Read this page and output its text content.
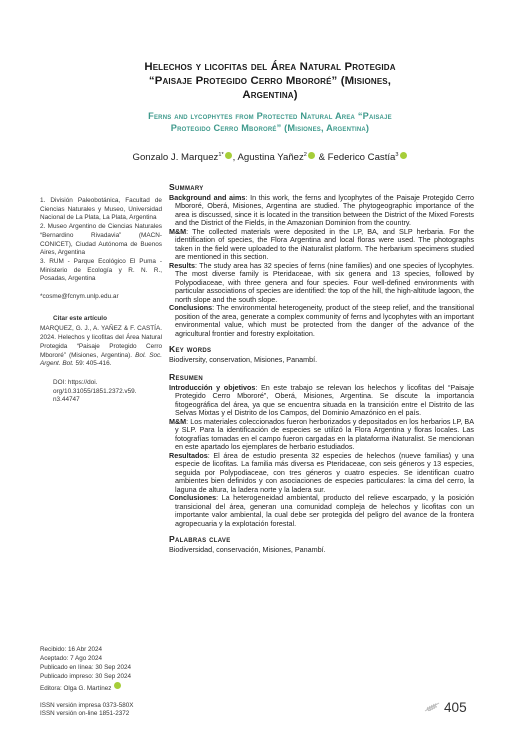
Helechos y licofitas del Área Natural Protegida
“Paisaje Protegido Cerro Mbororé” (Misiones,
Argentina)
Ferns and lycophytes from Protected Natural Area “Paisaje
Protegido Cerro Mbororé” (Misiones, Argentina)
Gonzalo J. Marquez$^{1*}$ , Agustina Yañez$^2$ & Federico Castía$^3$
1. División Paleobotánica, Facultad de Ciencias Naturales y Museo, Universidad Nacional de La Plata, La Plata, Argentina
2. Museo Argentino de Ciencias Naturales “Bernardino Rivadavia” (MACN-CONICET), Ciudad Autónoma de Buenos Aires, Argentina
3. RUM - Parque Ecológico El Puma - Ministerio de Ecología y R. N. R., Posadas, Argentina
*cosme@fcnym.unlp.edu.ar
Citar este artículo
MARQUEZ, G. J., A. YAÑEZ & F. CASTÍA. 2024. Helechos y licofitas del Área Natural Protegida “Paisaje Protegido Cerro Mbororé” (Misiones, Argentina). Bol. Soc. Argent. Bot. 59: 405-416.
DOI: https://doi. org/10.31055/1851.2372.v59. n3.44747
Recibido: 16 Abr 2024
Aceptado: 7 Ago 2024
Publicado en línea: 30 Sep 2024
Publicado impreso: 30 Sep 2024
Editora: Olga G. Martínez
ISSN versión impresa 0373-580X
ISSN versión on-line 1851-2372
Summary

Background and aims: In this work, the ferns and lycophytes of the Paisaje Protegido Cerro Mbororé, Oberá, Misiones, Argentina are studied. The phytogeographic importance of the area is discussed, since it is located in the transition between the District of the Mixed Forests and the District of the Fields, in the Amazonian Dominion from the country.

M&M: The collected materials were deposited in the LP, BA, and SLP herbaria. For the identification of species, the Flora Argentina and local floras were used. The photographs taken in the field were uploaded to the iNaturalist platform. The herbarium specimens studied are mentioned in this section.

Results: The study area has 32 species of ferns (nine families) and one species of lycophytes. The most diverse family is Pteridaceae, with six genera and 13 species, followed by Polypodiaceae, with three genera and four species. Four well-defined environments with particular associations of species are identified: the top of the hill, the high-altitude lagoon, the north slope and the south slope.

Conclusions: The environmental heterogeneity, product of the steep relief, and the transitional position of the area, generate a complex community of ferns and lycophytes with an important environmental value, which must be protected from the danger of the advance of the agricultural frontier and forestry exploitation.

Key words
Biodiversity, conservation, Misiones, Panambí.
Resumen

Introducción y objetivos: En este trabajo se relevan los helechos y licofitas del “Paisaje Protegido Cerro Mbororé”, Oberá, Misiones, Argentina. Se discute la importancia fitogeográfica del área, ya que se encuentra situada en la transición entre el Distrito de las Selvas Mixtas y el Distrito de los Campos, del Dominio Amazónico en el país.

M&M: Los materiales coleccionados fueron herborizados y depositados en los herbarios LP, BA y SLP. Para la identificación de especies se utilizó la Flora Argentina y floras locales. Las fotografías tomadas en el campo fueron cargadas en la plataforma iNaturalist. Se mencionan en este apartado los ejemplares de herbario estudiados.

Resultados: El área de estudio presenta 32 especies de helechos (nueve familias) y una especie de licofitas. La familia más diversa es Pteridaceae, con seis géneros y 13 especies, seguida por Polypodiaceae, con tres géneros y cuatro especies. Se identifican cuatro ambientes bien definidos y con asociaciones de especies particulares: la cima del cerro, la laguna de altura, la ladera norte y la ladera sur.

Conclusiones: La heterogeneidad ambiental, producto del relieve escarpado, y la posición transicional del área, generan una comunidad compleja de helechos y licofitas con un importante valor ambiental, la cual debe ser protegida del peligro del avance de la frontera agropecuaria y la explotación forestal.

Palabras clave
Biodiversidad, conservación, Misiones, Panambí.
405
